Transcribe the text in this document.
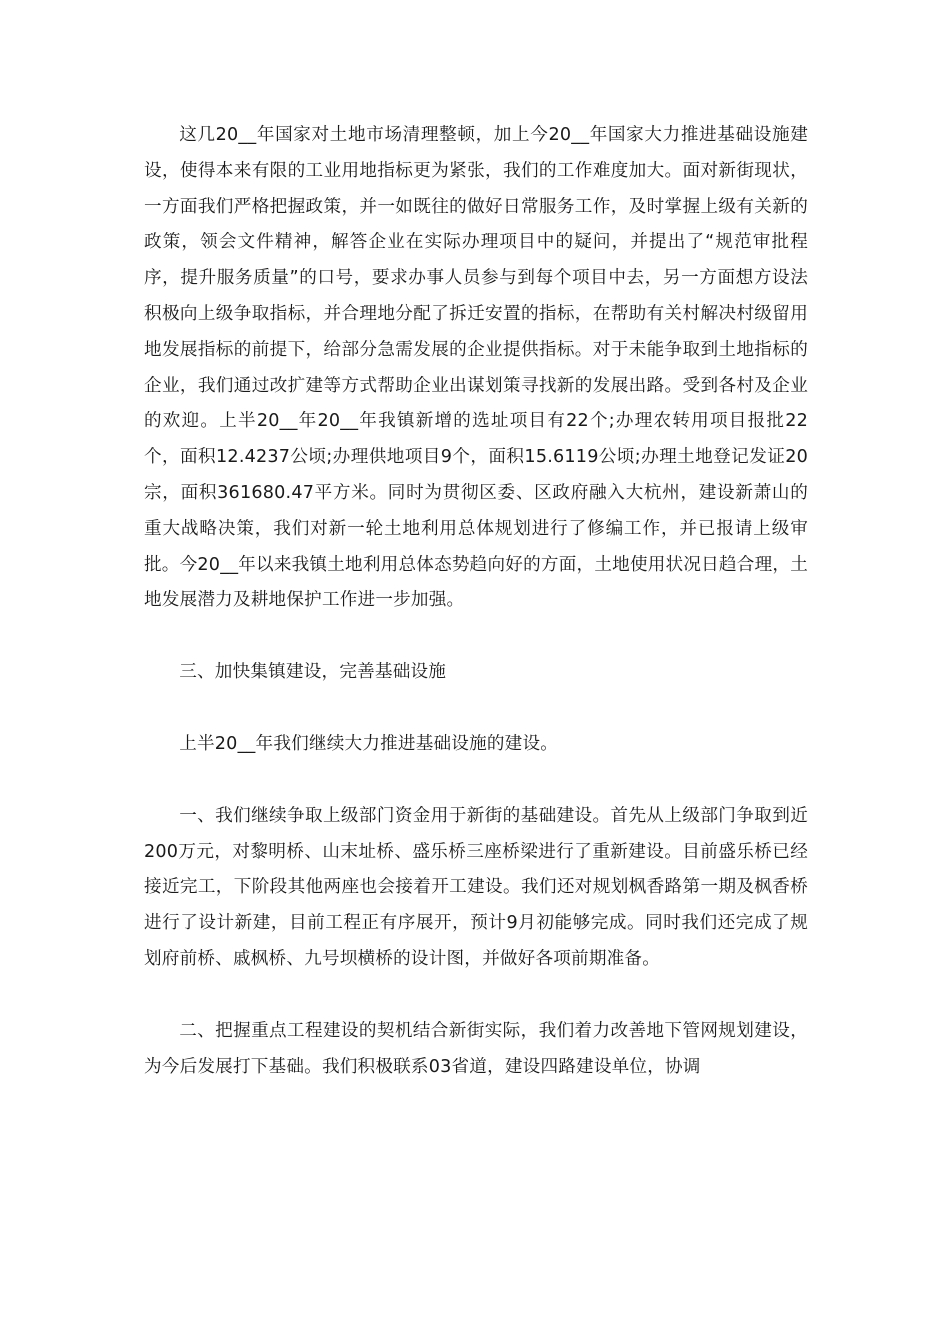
这几20__年国家对土地市场清理整顿，加上今20__年国家大力推进基础设施建设，使得本来有限的工业用地指标更为紧张，我们的工作难度加大。面对新街现状，一方面我们严格把握政策，并一如既往的做好日常服务工作，及时掌握上级有关新的政策，领会文件精神，解答企业在实际办理项目中的疑问，并提出了“规范审批程序，提升服务质量”的口号，要求办事人员参与到每个项目中去，另一方面想方设法积极向上级争取指标，并合理地分配了拆迁安置的指标，在帮助有关村解决村级留用地发展指标的前提下，给部分急需发展的企业提供指标。对于未能争取到土地指标的企业，我们通过改扩建等方式帮助企业出谋划策寻找新的发展出路。受到各村及企业的欢迎。上半20__年20__年我镇新增的选址项目有22个;办理农转用项目报批22个，面积12.4237公顷;办理供地项目9个，面积15.6119公顷;办理土地登记发证20宗，面积361680.47平方米。同时为贯彻区委、区政府融入大杭州，建设新萧山的重大战略决策，我们对新一轮土地利用总体规划进行了修编工作，并已报请上级审批。今20__年以来我镇土地利用总体态势趋向好的方面，土地使用状况日趋合理，土地发展潜力及耕地保护工作进一步加强。

三、加快集镇建设，完善基础设施

上半20__年我们继续大力推进基础设施的建设。

一、我们继续争取上级部门资金用于新街的基础建设。首先从上级部门争取到近200万元，对黎明桥、山末址桥、盛乐桥三座桥梁进行了重新建设。目前盛乐桥已经接近完工，下阶段其他两座也会接着开工建设。我们还对规划枫香路第一期及枫香桥进行了设计新建，目前工程正有序展开，预计9月初能够完成。同时我们还完成了规划府前桥、戚枫桥、九号坝横桥的设计图，并做好各项前期准备。

二、把握重点工程建设的契机结合新街实际，我们着力改善地下管网规划建设，为今后发展打下基础。我们积极联系03省道，建设四路建设单位，协调
